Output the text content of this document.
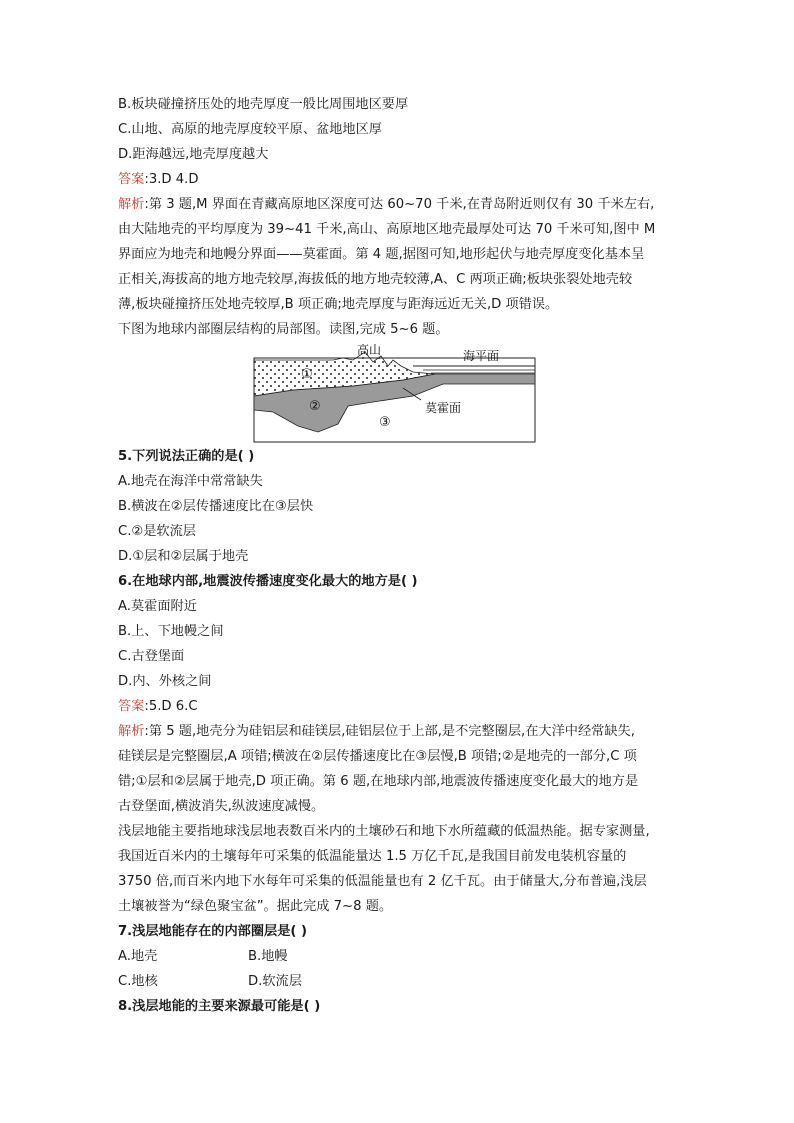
B.板块碰撞挤压处的地壳厚度一般比周围地区要厚
C.山地、高原的地壳厚度较平原、盆地地区厚
D.距海越远,地壳厚度越大
答案:3.D 4.D
解析:第 3 题,M 界面在青藏高原地区深度可达 60~70 千米,在青岛附近则仅有 30 千米左右,
由大陆地壳的平均厚度为 39~41 千米,高山、高原地区地壳最厚处可达 70 千米可知,图中 M
界面应为地壳和地幔分界面——莫霍面。第 4 题,据图可知,地形起伏与地壳厚度变化基本呈
正相关,海拔高的地方地壳较厚,海拔低的地方地壳较薄,A、C 两项正确;板块张裂处地壳较
薄,板块碰撞挤压处地壳较厚,B 项正确;地壳厚度与距海远近无关,D 项错误。
下图为地球内部圈层结构的局部图。读图,完成 5~6 题。
高山	海平面
莫霍面
①
②
③
5.下列说法正确的是( )
A.地壳在海洋中常常缺失
B.横波在②层传播速度比在③层快
C.②是软流层
D.①层和②层属于地壳
6.在地球内部,地震波传播速度变化最大的地方是( )
A.莫霍面附近
B.上、下地幔之间
C.古登堡面
D.内、外核之间
答案:5.D 6.C
解析:第 5 题,地壳分为硅铝层和硅镁层,硅铝层位于上部,是不完整圈层,在大洋中经常缺失,
硅镁层是完整圈层,A 项错;横波在②层传播速度比在③层慢,B 项错;②是地壳的一部分,C 项
错;①层和②层属于地壳,D 项正确。第 6 题,在地球内部,地震波传播速度变化最大的地方是
古登堡面,横波消失,纵波速度减慢。
浅层地能主要指地球浅层地表数百米内的土壤砂石和地下水所蕴藏的低温热能。据专家测量,
我国近百米内的土壤每年可采集的低温能量达 1.5 万亿千瓦,是我国目前发电装机容量的
3750 倍,而百米内地下水每年可采集的低温能量也有 2 亿千瓦。由于储量大,分布普遍,浅层
土壤被誉为“绿色聚宝盆”。据此完成 7~8 题。
7.浅层地能存在的内部圈层是( )
A.地壳	B.地幔
C.地核	D.软流层
8.浅层地能的主要来源最可能是( )
